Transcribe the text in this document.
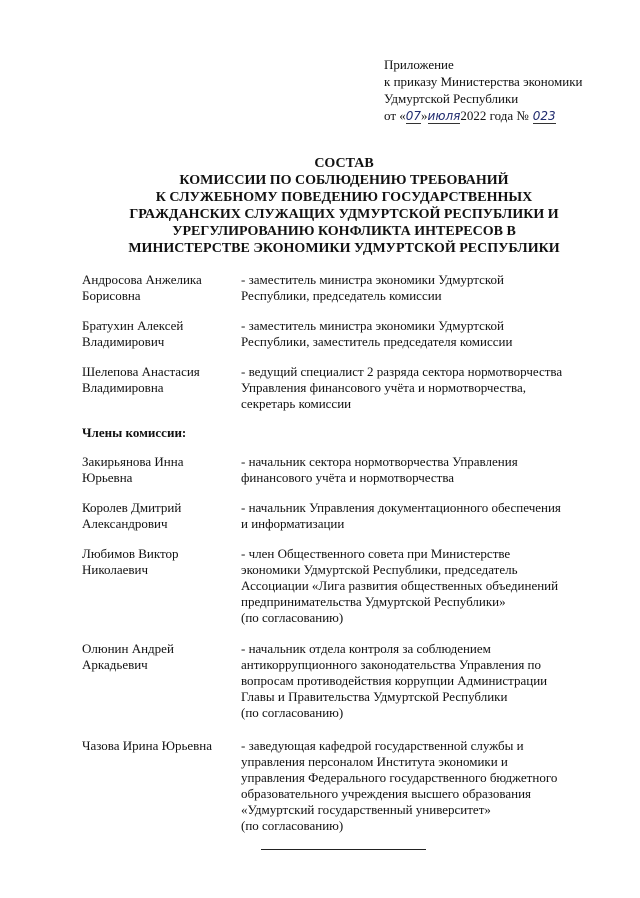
Приложение
к приказу Министерства экономики
Удмуртской Республики
от «07»июля2022 года № 023
СОСТАВ
КОМИССИИ ПО СОБЛЮДЕНИЮ ТРЕБОВАНИЙ
К СЛУЖЕБНОМУ ПОВЕДЕНИЮ ГОСУДАРСТВЕННЫХ
ГРАЖДАНСКИХ СЛУЖАЩИХ УДМУРТСКОЙ РЕСПУБЛИКИ И
УРЕГУЛИРОВАНИЮ КОНФЛИКТА ИНТЕРЕСОВ В
МИНИСТЕРСТВЕ ЭКОНОМИКИ УДМУРТСКОЙ РЕСПУБЛИКИ
Андросова Анжелика
Борисовна
- заместитель министра экономики Удмуртской
Республики, председатель комиссии
Братухин Алексей
Владимирович
- заместитель министра экономики Удмуртской
Республики, заместитель председателя комиссии
Шелепова Анастасия
Владимировна
- ведущий специалист 2 разряда сектора нормотворчества
Управления финансового учёта и нормотворчества,
секретарь комиссии
Члены комиссии:
Закирьянова Инна
Юрьевна
- начальник сектора нормотворчества Управления
финансового учёта и нормотворчества
Королев Дмитрий
Александрович
- начальник Управления документационного обеспечения
и информатизации
Любимов Виктор
Николаевич
- член Общественного совета при Министерстве
экономики Удмуртской Республики, председатель
Ассоциации «Лига развития общественных объединений
предпринимательства Удмуртской Республики»
(по согласованию)
Олюнин Андрей
Аркадьевич
- начальник отдела контроля за соблюдением
антикоррупционного законодательства Управления по
вопросам противодействия коррупции Администрации
Главы и Правительства Удмуртской Республики
(по согласованию)
Чазова Ирина Юрьевна	- заведующая кафедрой государственной службы и
управления персоналом Института экономики и
управления Федерального государственного бюджетного
образовательного учреждения высшего образования
«Удмуртский государственный университет»
(по согласованию)
